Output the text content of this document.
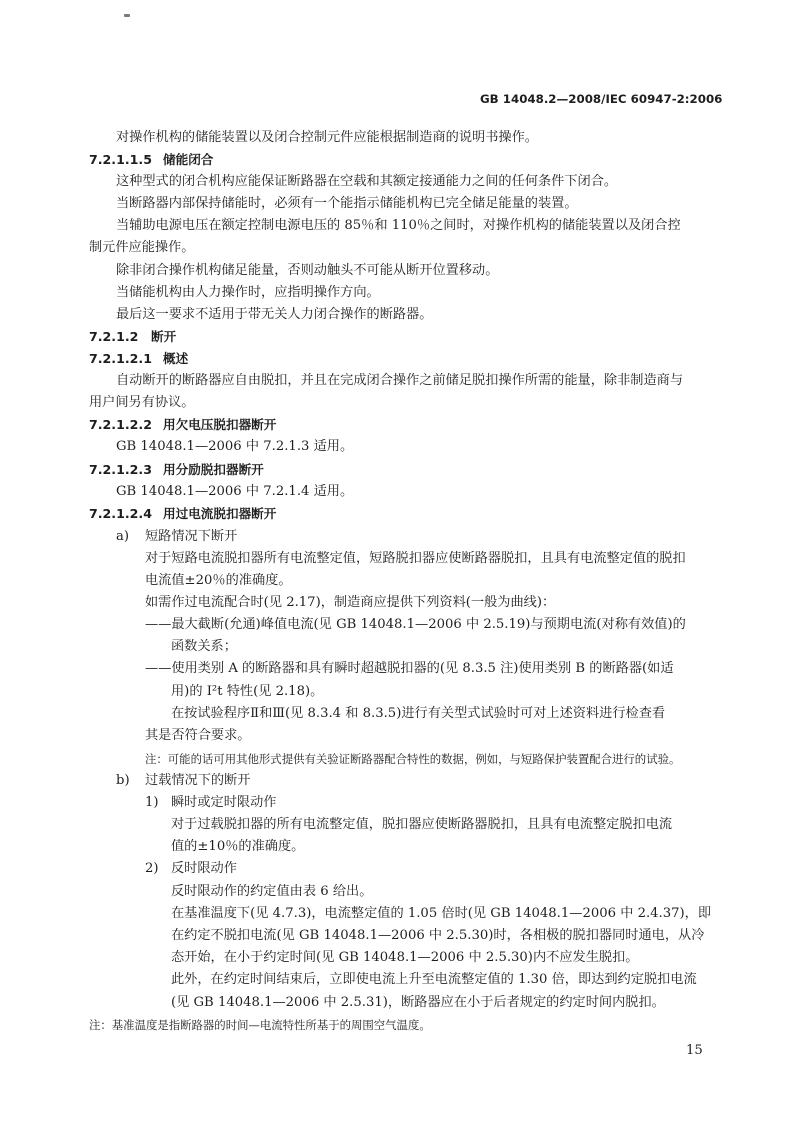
GB 14048.2—2008/IEC 60947-2:2006
对操作机构的储能装置以及闭合控制元件应能根据制造商的说明书操作。
7.2.1.1.5 储能闭合
这种型式的闭合机构应能保证断路器在空载和其额定接通能力之间的任何条件下闭合。
当断路器内部保持储能时，必须有一个能指示储能机构已完全储足能量的装置。
当辅助电源电压在额定控制电源电压的 85％和 110％之间时，对操作机构的储能装置以及闭合控
制元件应能操作。
除非闭合操作机构储足能量，否则动触头不可能从断开位置移动。
当储能机构由人力操作时，应指明操作方向。
最后这一要求不适用于带无关人力闭合操作的断路器。
7.2.1.2 断开
7.2.1.2.1 概述
自动断开的断路器应自由脱扣，并且在完成闭合操作之前储足脱扣操作所需的能量，除非制造商与
用户间另有协议。
7.2.1.2.2 用欠电压脱扣器断开
GB 14048.1—2006 中 7.2.1.3 适用。
7.2.1.2.3 用分励脱扣器断开
GB 14048.1—2006 中 7.2.1.4 适用。
7.2.1.2.4 用过电流脱扣器断开
a) 短路情况下断开
对于短路电流脱扣器所有电流整定值，短路脱扣器应使断路器脱扣，且具有电流整定值的脱扣
电流值±20％的准确度。
如需作过电流配合时(见 2.17)，制造商应提供下列资料(一般为曲线)：
——最大截断(允通)峰值电流(见 GB 14048.1—2006 中 2.5.19)与预期电流(对称有效值)的
函数关系；
——使用类别 A 的断路器和具有瞬时超越脱扣器的(见 8.3.5 注)使用类别 B 的断路器(如适
用)的 I²t 特性(见 2.18)。
在按试验程序Ⅱ和Ⅲ(见 8.3.4 和 8.3.5)进行有关型式试验时可对上述资料进行检查看
其是否符合要求。
注：可能的话可用其他形式提供有关验证断路器配合特性的数据，例如，与短路保护装置配合进行的试验。
b) 过载情况下的断开
1) 瞬时或定时限动作
对于过载脱扣器的所有电流整定值，脱扣器应使断路器脱扣，且具有电流整定脱扣电流
值的±10％的准确度。
2) 反时限动作
反时限动作的约定值由表 6 给出。
在基准温度下(见 4.7.3)，电流整定值的 1.05 倍时(见 GB 14048.1—2006 中 2.4.37)，即
在约定不脱扣电流(见 GB 14048.1—2006 中 2.5.30)时，各相极的脱扣器同时通电，从冷
态开始，在小于约定时间(见 GB 14048.1—2006 中 2.5.30)内不应发生脱扣。
此外，在约定时间结束后，立即使电流上升至电流整定值的 1.30 倍，即达到约定脱扣电流
(见 GB 14048.1—2006 中 2.5.31)，断路器应在小于后者规定的约定时间内脱扣。
注：基准温度是指断路器的时间—电流特性所基于的周围空气温度。
15
